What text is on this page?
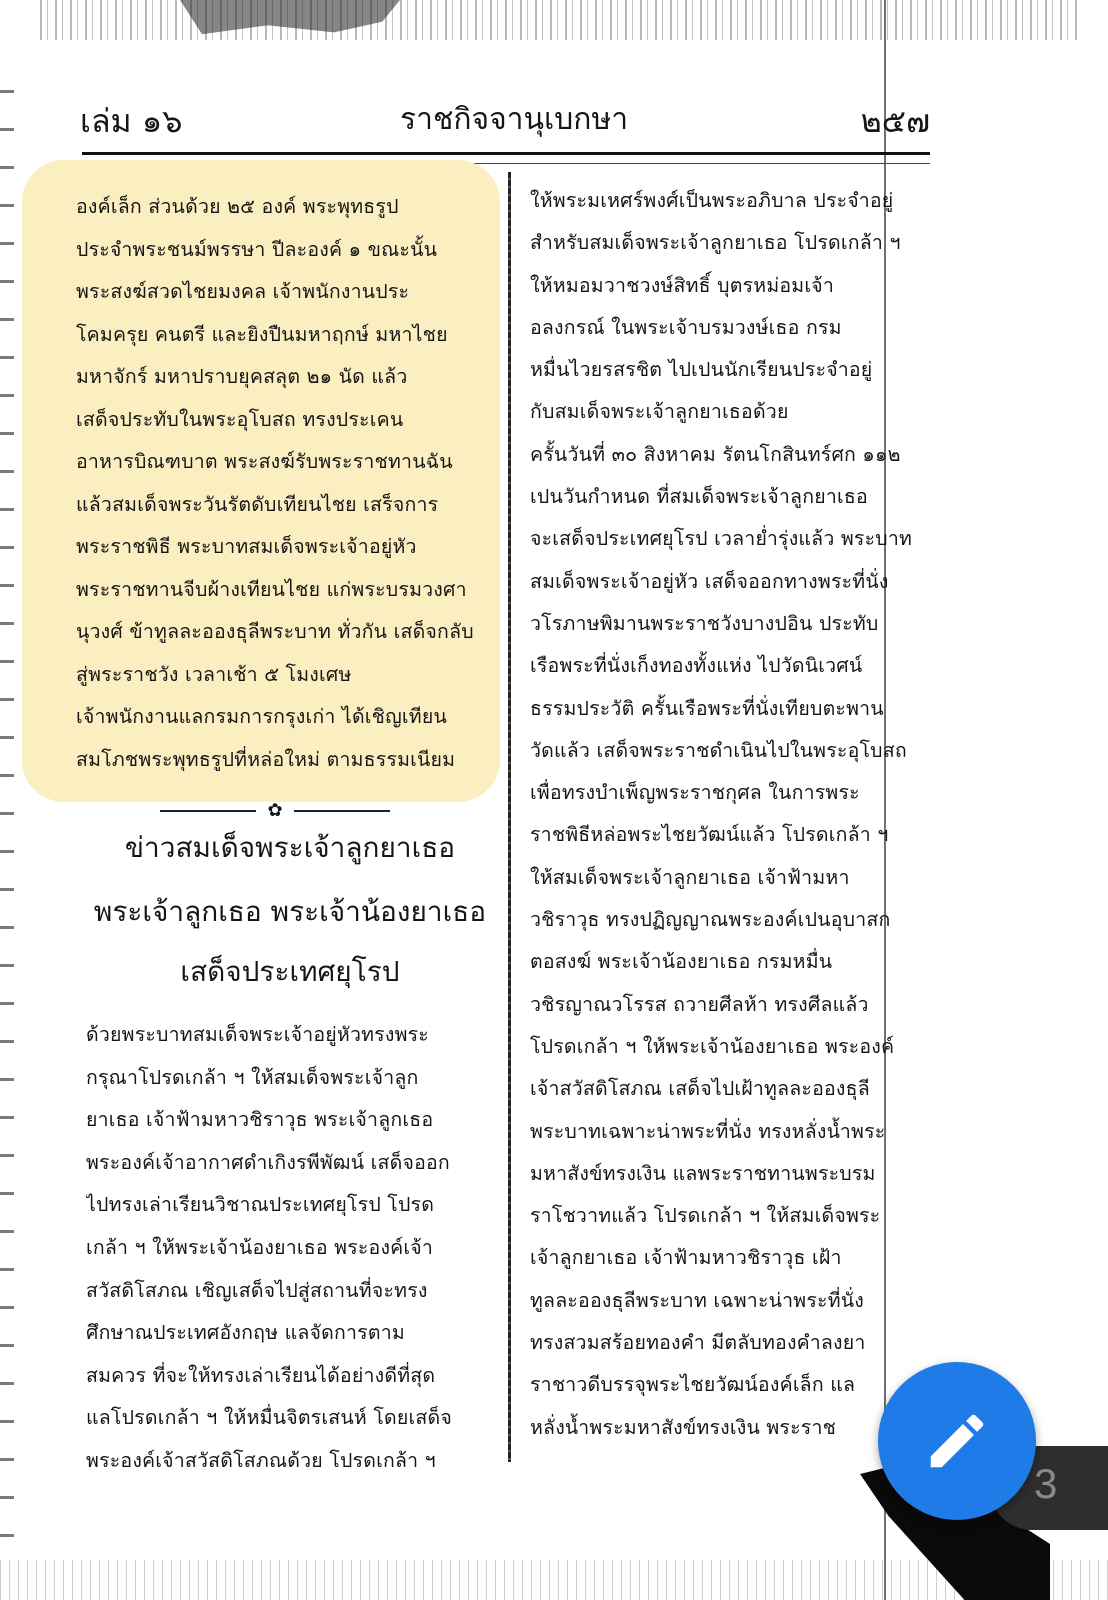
เล่ม ๑๖	ราชกิจจานุเบกษา	๒๕๗
องค์เล็ก ส่วนด้วย ๒๕ องค์ พระพุทธรูป
ประจำพระชนม์พรรษา ปีละองค์ ๑ ขณะนั้น
พระสงฆ์สวดไชยมงคล เจ้าพนักงานประ
โคมครุย คนตรี และยิงปืนมหาฤกษ์ มหาไชย
มหาจักร์ มหาปราบยุคสลุต ๒๑ นัด แล้ว
เสด็จประทับในพระอุโบสถ ทรงประเคน
อาหารบิณฑบาต พระสงฆ์รับพระราชทานฉัน
แล้วสมเด็จพระวันรัตดับเทียนไชย เสร็จการ
พระราชพิธี พระบาทสมเด็จพระเจ้าอยู่หัว
พระราชทานจีบผ้างเทียนไชย แก่พระบรมวงศา
นุวงศ์ ข้าทูลละอองธุลีพระบาท ทั่วกัน เสด็จกลับ
สู่พระราชวัง เวลาเช้า ๕ โมงเศษ
เจ้าพนักงานแลกรมการกรุงเก่า ได้เชิญเทียน
สมโภชพระพุทธรูปที่หล่อใหม่ ตามธรรมเนียม
✿
ข่าวสมเด็จพระเจ้าลูกยาเธอ
พระเจ้าลูกเธอ พระเจ้าน้องยาเธอ
เสด็จประเทศยุโรป
ด้วยพระบาทสมเด็จพระเจ้าอยู่หัวทรงพระ
กรุณาโปรดเกล้า ฯ ให้สมเด็จพระเจ้าลูก
ยาเธอ เจ้าฟ้ามหาวชิราวุธ พระเจ้าลูกเธอ
พระองค์เจ้าอากาศดำเกิงรพีพัฒน์ เสด็จออก
ไปทรงเล่าเรียนวิชาณประเทศยุโรป โปรด
เกล้า ฯ ให้พระเจ้าน้องยาเธอ พระองค์เจ้า
สวัสดิโสภณ เชิญเสด็จไปสู่สถานที่จะทรง
ศึกษาณประเทศอังกฤษ แลจัดการตาม
สมควร ที่จะให้ทรงเล่าเรียนได้อย่างดีที่สุด
แลโปรดเกล้า ฯ ให้หมื่นจิตรเสนห์ โดยเสด็จ
พระองค์เจ้าสวัสดิโสภณด้วย โปรดเกล้า ฯ
ให้พระมเหศร์พงศ์เป็นพระอภิบาล ประจำอยู่
สำหรับสมเด็จพระเจ้าลูกยาเธอ โปรดเกล้า ฯ
ให้หมอมวาชวงษ์สิทธิ์ บุตรหม่อมเจ้า
อลงกรณ์ ในพระเจ้าบรมวงษ์เธอ กรม
หมื่นไวยรสรชิต ไปเปนนักเรียนประจำอยู่
กับสมเด็จพระเจ้าลูกยาเธอด้วย
ครั้นวันที่ ๓๐ สิงหาคม รัตนโกสินทร์ศก ๑๑๒
เปนวันกำหนด ที่สมเด็จพระเจ้าลูกยาเธอ
จะเสด็จประเทศยุโรป เวลาย่ำรุ่งแล้ว พระบาท
สมเด็จพระเจ้าอยู่หัว เสด็จออกทางพระที่นั่ง
วโรภาษพิมานพระราชวังบางปอิน ประทับ
เรือพระที่นั่งเก็งทองทั้งแห่ง ไปวัดนิเวศน์
ธรรมประวัติ ครั้นเรือพระที่นั่งเทียบตะพาน
วัดแล้ว เสด็จพระราชดำเนินไปในพระอุโบสถ
เพื่อทรงบำเพ็ญพระราชกุศล ในการพระ
ราชพิธีหล่อพระไชยวัฒน์แล้ว โปรดเกล้า ฯ
ให้สมเด็จพระเจ้าลูกยาเธอ เจ้าฟ้ามหา
วชิราวุธ ทรงปฏิญญาณพระองค์เปนอุบาสก
ตอสงฆ์ พระเจ้าน้องยาเธอ กรมหมื่น
วชิรญาณวโรรส ถวายศีลห้า ทรงศีลแล้ว
โปรดเกล้า ฯ ให้พระเจ้าน้องยาเธอ พระองค์
เจ้าสวัสดิโสภณ เสด็จไปเฝ้าทูลละอองธุลี
พระบาทเฉพาะน่าพระที่นั่ง ทรงหลั่งน้ำพระ
มหาสังข์ทรงเงิน แลพระราชทานพระบรม
ราโชวาทแล้ว โปรดเกล้า ฯ ให้สมเด็จพระ
เจ้าลูกยาเธอ เจ้าฟ้ามหาวชิราวุธ เฝ้า
ทูลละอองธุลีพระบาท เฉพาะน่าพระที่นั่ง
ทรงสวมสร้อยทองคำ มีตลับทองคำลงยา
ราชาวดีบรรจุพระไชยวัฒน์องค์เล็ก แล
หลั่งน้ำพระมหาสังข์ทรงเงิน พระราช
3
